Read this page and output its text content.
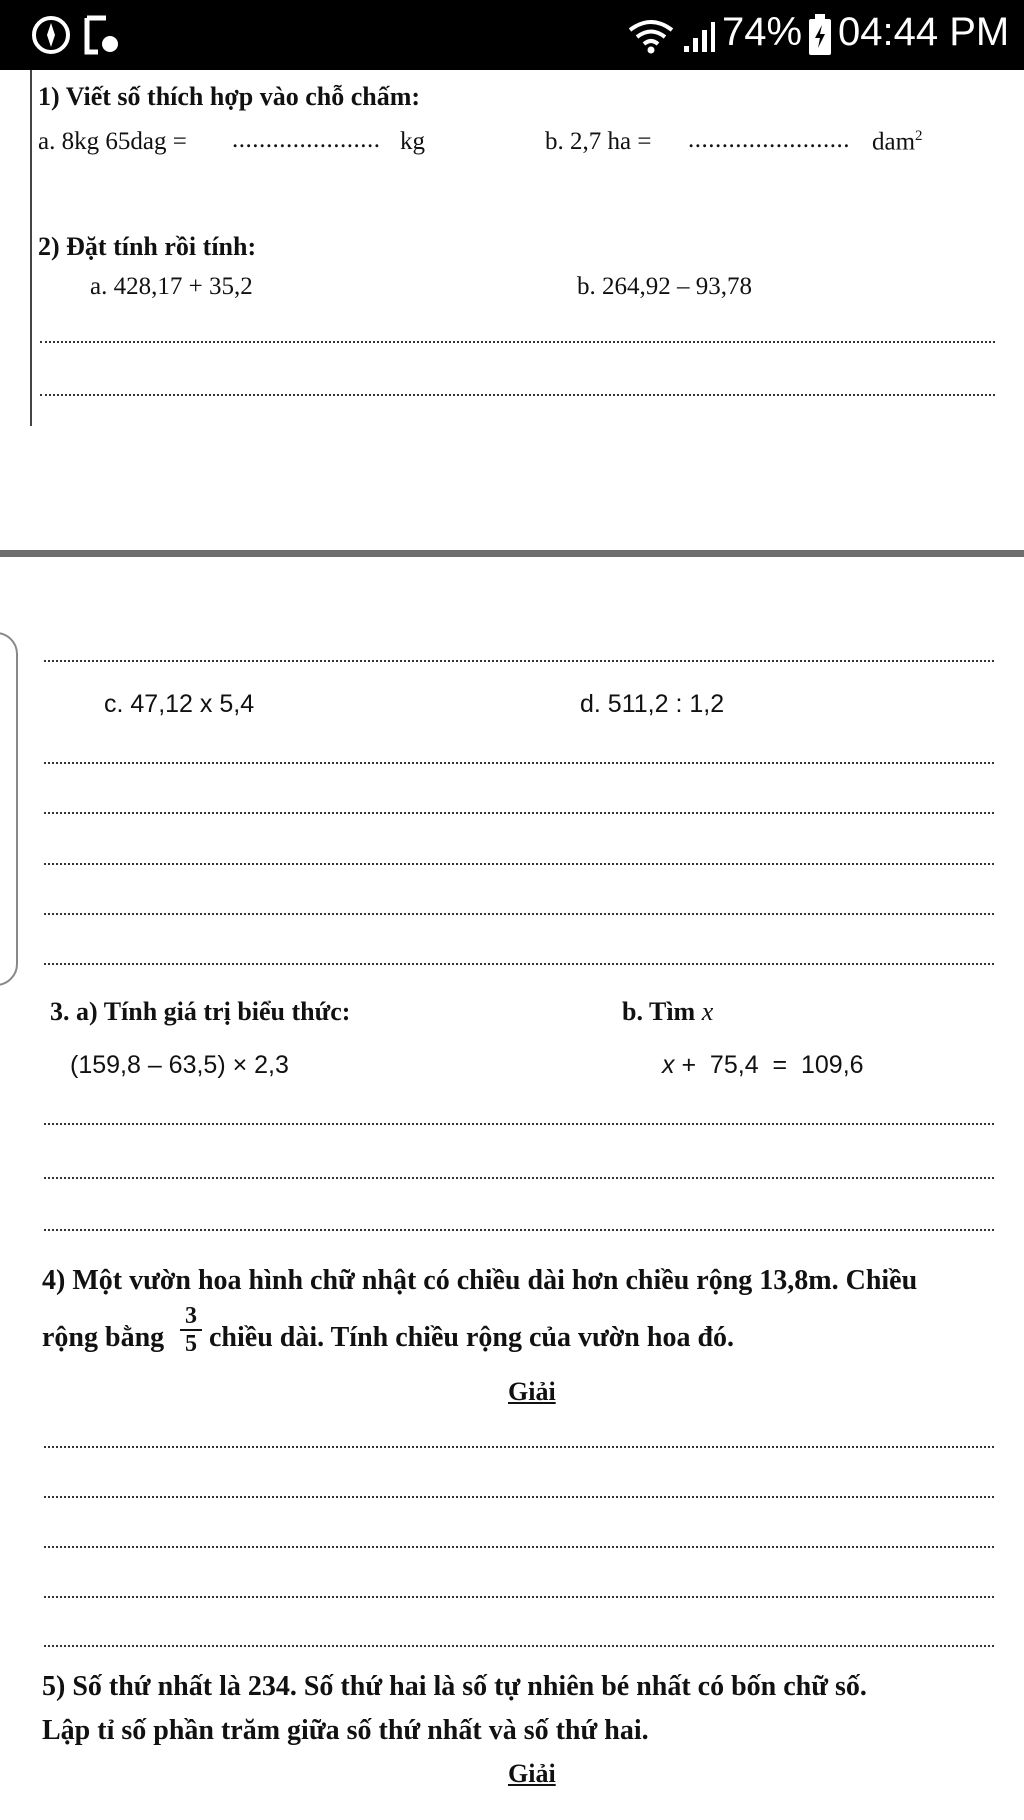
74% 04:44 PM
1) Viết số thích hợp vào chỗ chấm:
a. 8kg 65dag = ...................... kg	b. 2,7 ha = ........................ dam$^2$
2) Đặt tính rồi tính:
a. 428,17 + 35,2	b. 264,92 – 93,78
c. 47,12 x 5,4	d. 511,2 : 1,2
3. a) Tính giá trị biểu thức:	b. Tìm x
(159,8 – 63,5) × 2,3	x +  75,4  =  109,6
4) Một vườn hoa hình chữ nhật có chiều dài hơn chiều rộng 13,8m. Chiều
rộng bằng
3
5 chiều dài. Tính chiều rộng của vườn hoa đó.
Giải
5) Số thứ nhất là 234. Số thứ hai là số tự nhiên bé nhất có bốn chữ số.
Lập tỉ số phần trăm giữa số thứ nhất và số thứ hai.
Giải
